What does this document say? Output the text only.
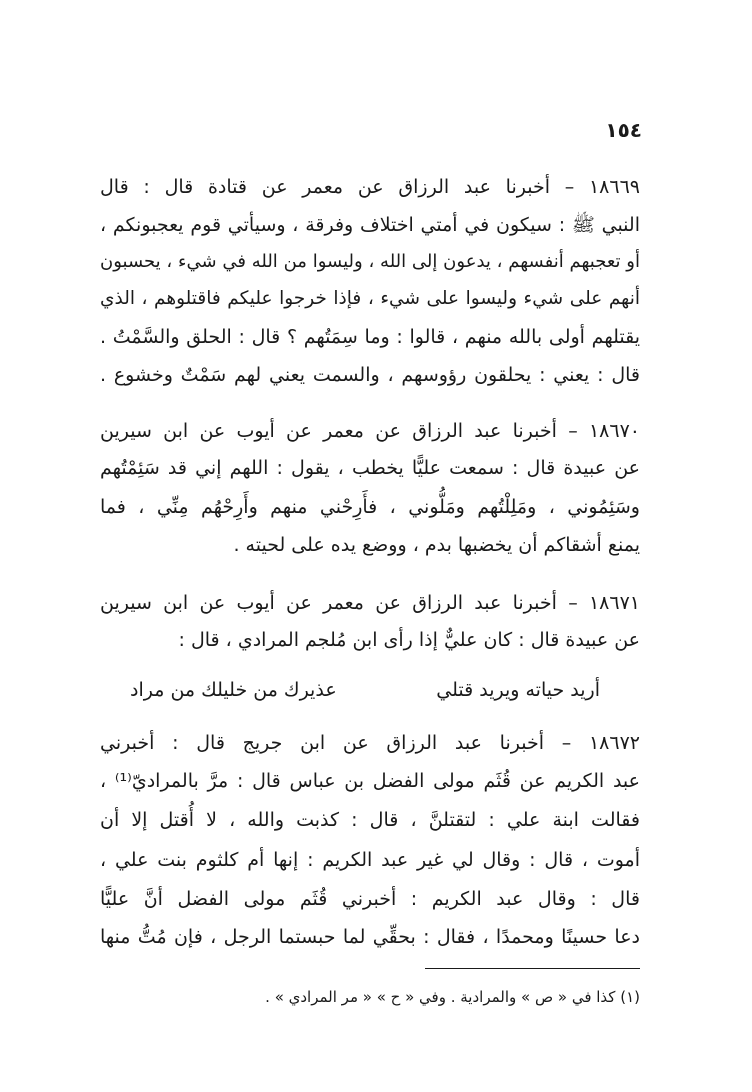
١٥٤
١٨٦٦٩ – أخبرنا عبد الرزاق عن معمر عن قتادة قال : قال
النبي ﷺ : سيكون في أمتي اختلاف وفرقة ، وسيأتي قوم يعجبونكم ،
أو تعجبهم أنفسهم ، يدعون إلى الله ، وليسوا من الله في شيء ، يحسبون
أنهم على شيء وليسوا على شيء ، فإذا خرجوا عليكم فاقتلوهم ، الذي
يقتلهم أولى بالله منهم ، قالوا : وما سِمَتُهم ؟ قال : الحلق والسَّمْتُ .
قال : يعني : يحلقون رؤوسهم ، والسمت يعني لهم سَمْتٌ وخشوع .
١٨٦٧٠ – أخبرنا عبد الرزاق عن معمر عن أيوب عن ابن سيرين
عن عبيدة قال : سمعت عليًّا يخطب ، يقول : اللهم إني قد سَئِمْتُهم
وسَئِمُوني ، ومَلِلْتُهم ومَلُّوني ، فأَرِحْني منهم وأَرِحْهُم مِنِّي ، فما
يمنع أشقاكم أن يخضبها بدم ، ووضع يده على لحيته .
١٨٦٧١ – أخبرنا عبد الرزاق عن معمر عن أيوب عن ابن سيرين
عن عبيدة قال : كان عليٌّ إذا رأى ابن مُلجم المرادي ، قال :
أريد حياته ويريد قتلي
عذيرك من خليلك من مراد
١٨٦٧٢ – أخبرنا عبد الرزاق عن ابن جريج قال : أخبرني
عبد الكريم عن قُثَم مولى الفضل بن عباس قال : مرَّ بالمراديّ⁽¹⁾ ،
فقالت ابنة علي : لتقتلنَّ ، قال : كذبت والله ، لا أُقتل إلا أن
أموت ، قال : وقال لي غير عبد الكريم : إنها أم كلثوم بنت علي ،
قال : وقال عبد الكريم : أخبرني قُثَم مولى الفضل أنَّ عليًّا
دعا حسينًا ومحمدًا ، فقال : بحقِّي لما حبستما الرجل ، فإن مُتُّ منها
(١) كذا في « ص » والمرادية . وفي « ح » « مر المرادي » .
